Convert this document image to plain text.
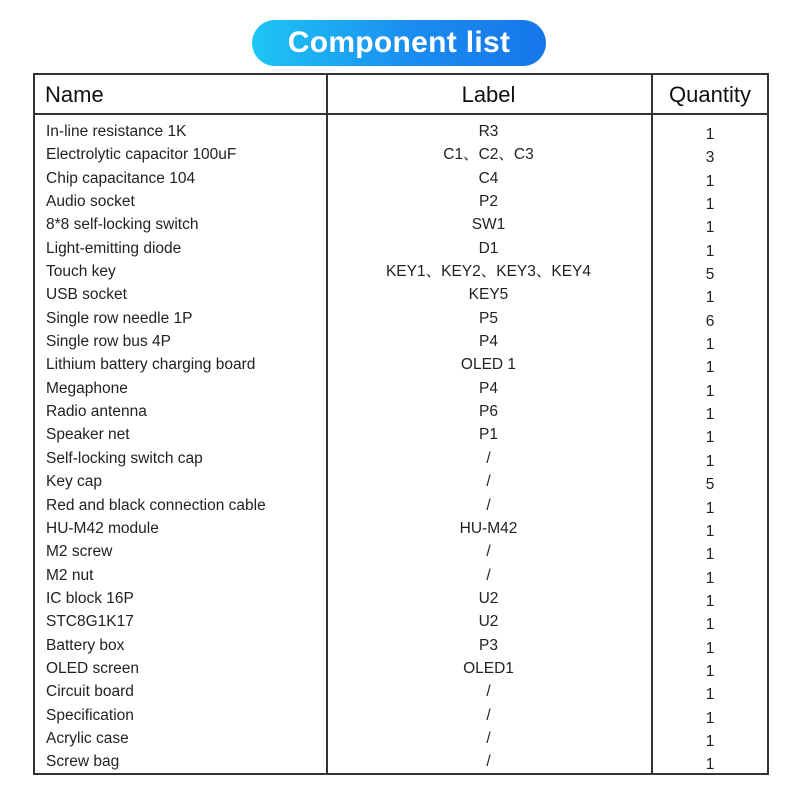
Component list
Name	Label	Quantity
In-line resistance 1K	R3	1
Electrolytic capacitor 100uF	C1、C2、C3	3
Chip capacitance 104	C4	1
Audio socket	P2	1
8*8 self-locking switch	SW1	1
Light-emitting diode	D1	1
Touch key	KEY1、KEY2、KEY3、KEY4	5
USB socket	KEY5	1
Single row needle 1P	P5	6
Single row bus 4P	P4	1
Lithium battery charging board	OLED 1	1
Megaphone	P4	1
Radio antenna	P6	1
Speaker net	P1	1
Self-locking switch cap	/	1
Key cap	/	5
Red and black connection cable	/	1
HU-M42 module	HU-M42	1
M2 screw	/	1
M2 nut	/	1
IC block 16P	U2	1
STC8G1K17	U2	1
Battery box	P3	1
OLED screen	OLED1	1
Circuit board	/	1
Specification	/	1
Acrylic case	/	1
Screw bag	/	1
